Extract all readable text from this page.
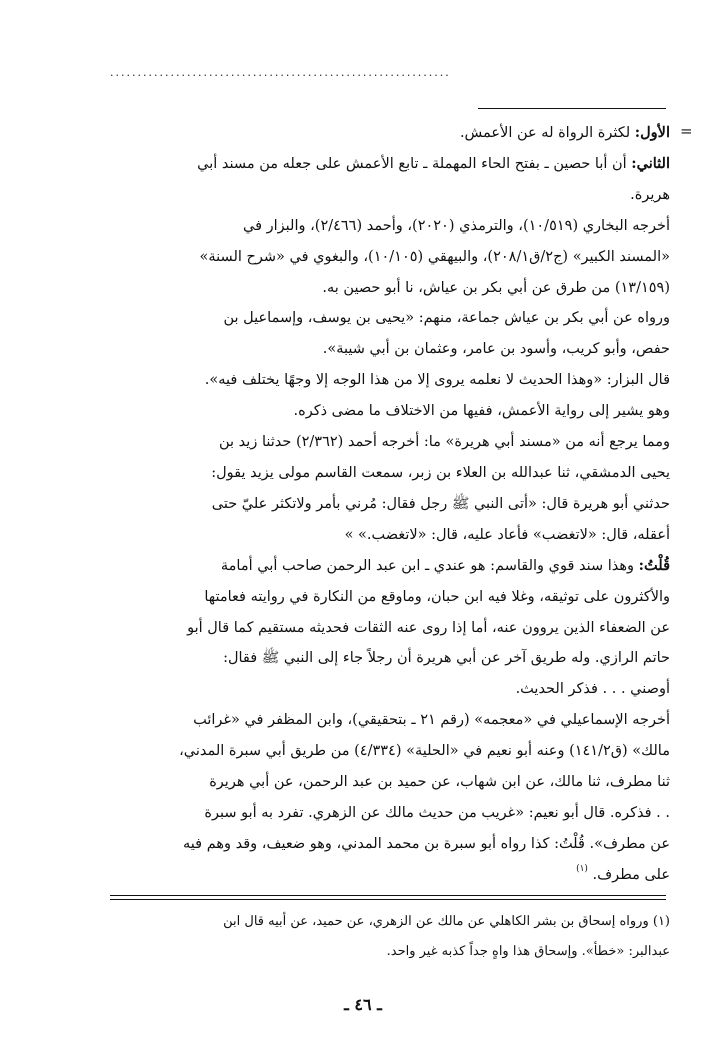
..............................................................
=

الأول: لكثرة الرواة له عن الأعمش.

الثاني: أن أبا حصين ـ بفتح الحاء المهملة ـ تابع الأعمش على جعله من مسند أبي

هريرة.

أخرجه البخاري (١٠/٥١٩)، والترمذي (٢٠٢٠)، وأحمد (٢/٤٦٦)، والبزار في

«المسند الكبير» (ج٢/ق٢٠٨/١)، والبيهقي (١٠/١٠٥)، والبغوي في «شرح السنة»

(١٣/١٥٩) من طرق عن أبي بكر بن عياش، نا أبو حصين به.

ورواه عن أبي بكر بن عياش جماعة، منهم: «يحيى بن يوسف، وإسماعيل بن

حفص، وأبو كريب، وأسود بن عامر، وعثمان بن أبي شيبة».

قال البزار: «وهذا الحديث لا نعلمه يروى إلا من هذا الوجه إلا وجهًا يختلف فيه».

وهو يشير إلى رواية الأعمش، ففيها من الاختلاف ما مضى ذكره.

ومما يرجع أنه من «مسند أبي هريرة» ما: أخرجه أحمد (٢/٣٦٢) حدثنا زيد بن

يحيى الدمشقي، ثنا عبدالله بن العلاء بن زبر، سمعت القاسم مولى يزيد يقول:

حدثني أبو هريرة قال: «أتى النبي ﷺ رجل فقال: مُرني بأمر ولاتكثر عليّ حتى

أعقله، قال: «لاتغضب» فأعاد عليه، قال: «لاتغضب.» »

قُلْتُ: وهذا سند قوي والقاسم: هو عندي ـ ابن عبد الرحمن صاحب أبي أمامة

والأكثرون على توثيقه، وغلا فيه ابن حبان، وماوقع من النكارة في روايته فعامتها

عن الضعفاء الذين يروون عنه، أما إذا روى عنه الثقات فحديثه مستقيم كما قال أبو

حاتم الرازي. وله طريق آخر عن أبي هريرة أن رجلاً جاء إلى النبي ﷺ فقال:

أوصني . . . فذكر الحديث.

أخرجه الإسماعيلي في «معجمه» (رقم ٢١ ـ بتحقيقي)، وابن المظفر في «غرائب

مالك» (ق١٤١/٢) وعنه أبو نعيم في «الحلية» (٤/٣٣٤) من طريق أبي سبرة المدني،

ثنا مطرف، ثنا مالك، عن ابن شهاب، عن حميد بن عبد الرحمن، عن أبي هريرة

. . فذكره. قال أبو نعيم: «غريب من حديث مالك عن الزهري. تفرد به أبو سبرة

عن مطرف». قُلْتُ: كذا رواه أبو سبرة بن محمد المدني، وهو ضعيف، وقد وهم فيه

على مطرف. $^{(١)}$

(١) ورواه إسحاق بن بشر الكاهلي عن مالك عن الزهري، عن حميد، عن أبيه قال ابن

عبدالبر: «خطأ». وإسحاق هذا واهٍ جداً كذبه غير واحد.

ـ ٤٦ ـ
